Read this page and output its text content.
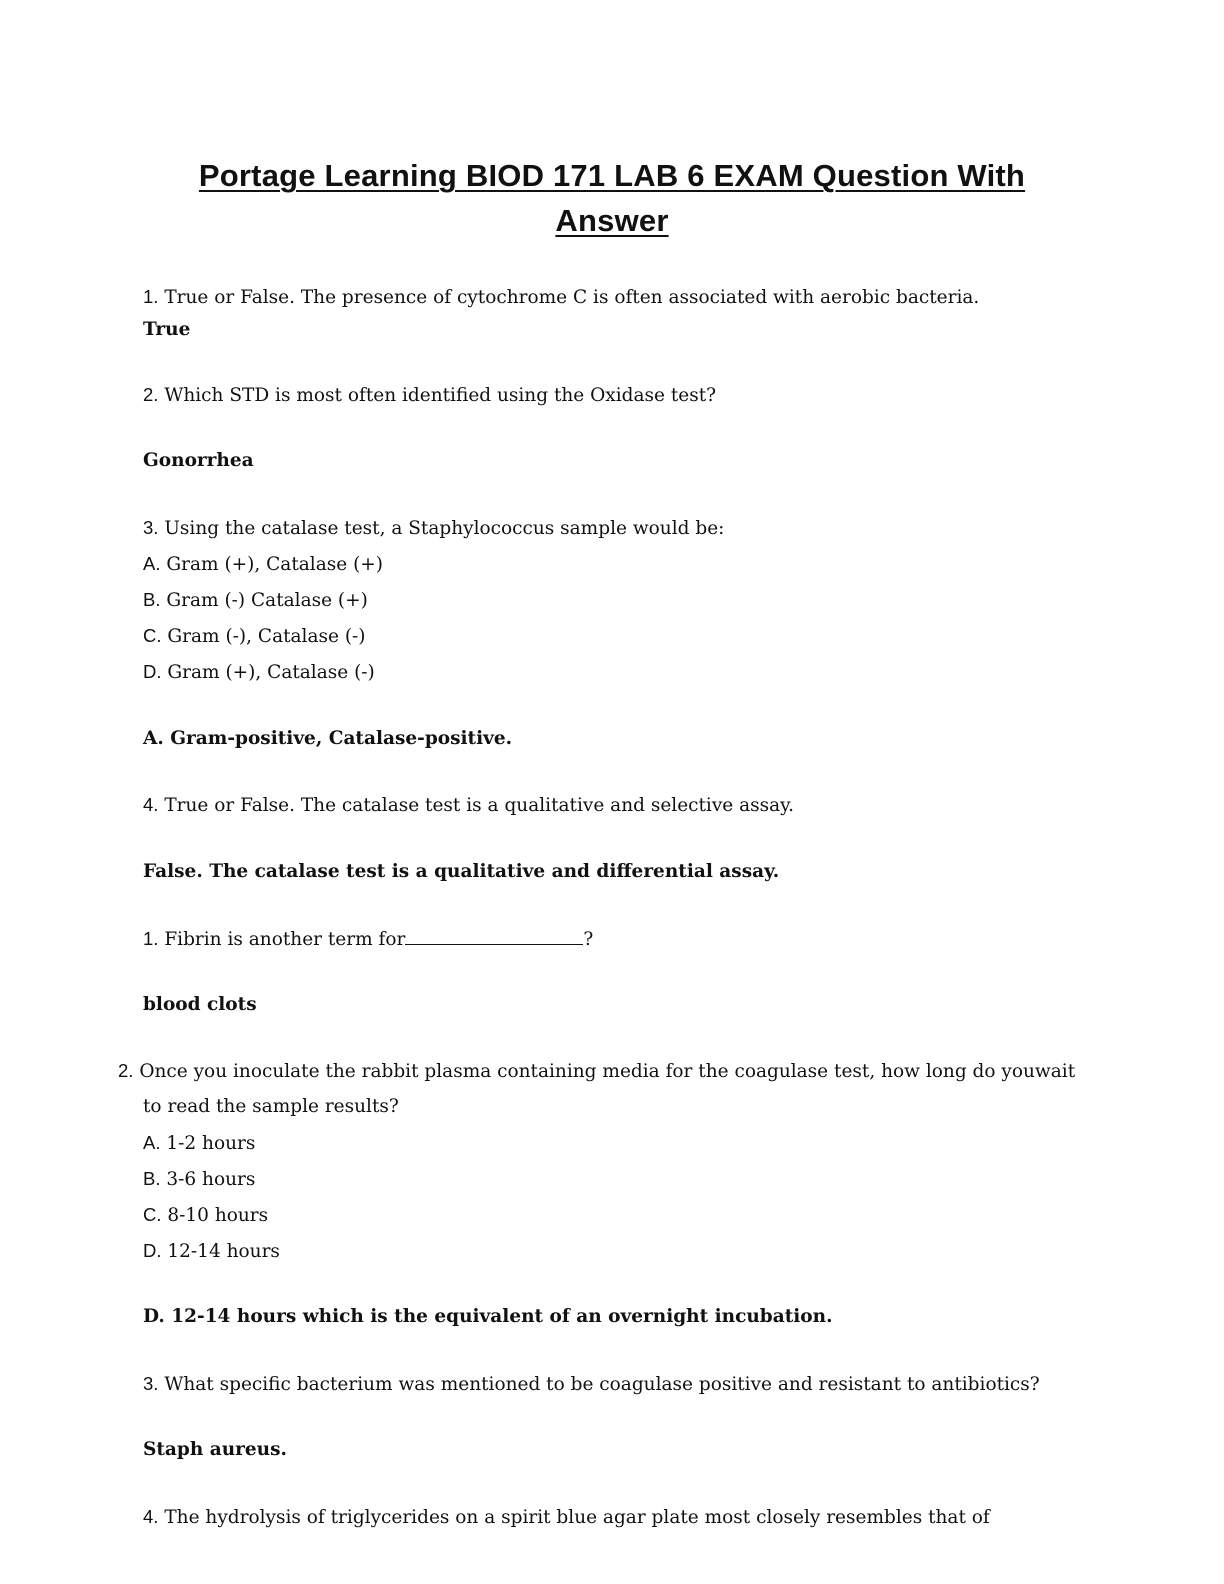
Portage Learning BIOD 171 LAB 6 EXAM Question With
Answer
1. True or False. The presence of cytochrome C is often associated with aerobic bacteria.
True
2. Which STD is most often identified using the Oxidase test?
Gonorrhea
3. Using the catalase test, a Staphylococcus sample would be:
A. Gram (+), Catalase (+)
B. Gram (-) Catalase (+)
C. Gram (-), Catalase (-)
D. Gram (+), Catalase (-)
A. Gram-positive, Catalase-positive.
4. True or False. The catalase test is a qualitative and selective assay.
False. The catalase test is a qualitative and differential assay.
1. Fibrin is another term for	?
blood clots
2. Once you inoculate the rabbit plasma containing media for the coagulase test, how long do youwait
to read the sample results?
A. 1-2 hours
B. 3-6 hours
C. 8-10 hours
D. 12-14 hours
D. 12-14 hours which is the equivalent of an overnight incubation.
3. What specific bacterium was mentioned to be coagulase positive and resistant to antibiotics?
Staph aureus.
4. The hydrolysis of triglycerides on a spirit blue agar plate most closely resembles that of
